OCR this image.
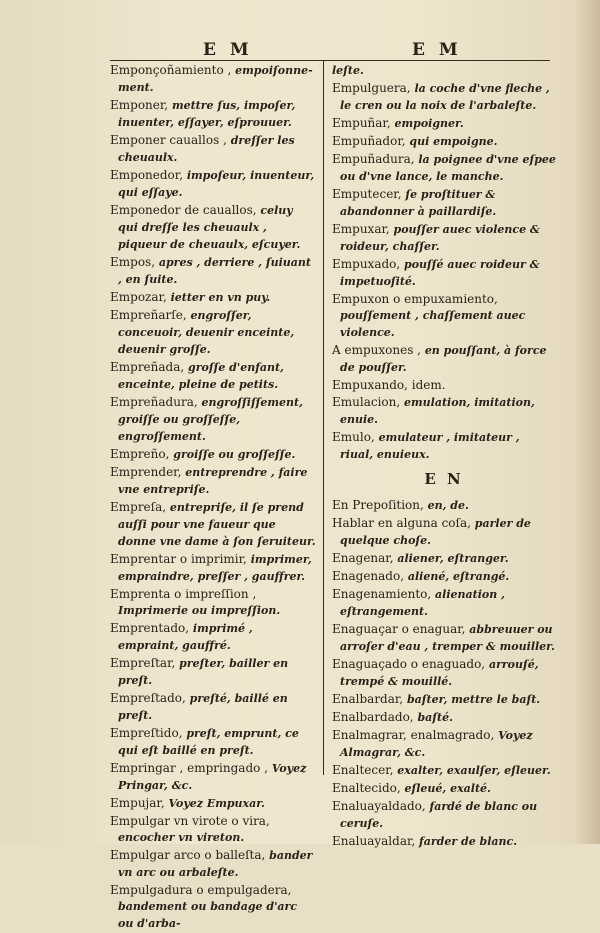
E M	E M
Emponçoñamiento , empoiſonne-ment.
Emponer, mettre ſus, impoſer, inuenter, eſſayer, eſprouuer.
Emponer cauallos , dreſſer les cheuaulx.
Emponedor, impoſeur, inuenteur, qui eſſaye.
Emponedor de cauallos, celuy qui dreſſe les cheuaulx , piqueur de cheuaulx, eſcuyer.
Empos, apres , derriere , ſuiuant , en ſuite.
Empozar, ietter en vn puy.
Empreñarſe, engroſſer, conceuoir, deuenir enceinte, deuenir groſſe.
Empreñada, groſſe d'enfant, enceinte, pleine de petits.
Empreñadura, engroſſiſſement, groiſſe ou groſſeſſe, engroſſement.
Empreño, groiſſe ou groſſeſſe.
Emprender, entreprendre , faire vne entrepriſe.
Empreſa, entrepriſe, il ſe prend auſſi pour vne faueur que donne vne dame à ſon ſeruiteur.
Emprentar o imprimir, imprimer, empraindre, preſſer , gauffrer.
Emprenta o impreſſion , Imprimerie ou impreſſion.
Emprentado, imprimé , empraint, gauffré.
Empreſtar, preſter, bailler en preſt.
Empreſtado, preſté, baillé en preſt.
Empreſtido, preſt, emprunt, ce qui eſt baillé en preſt.
Empringar , empringado , Voyez Pringar, &c.
Empujar, Voyez Empuxar.
Empulgar vn virote o vira, encocher vn vireton.
Empulgar arco o balleſta, bander vn arc ou arbaleſte.
Empulgadura o empulgadera, bandement ou bandage d'arc ou d'arba-
leſte.
Empulguera, la coche d'vne fleche , le cren ou la noix de l'arbaleſte.
Empuñar, empoigner.
Empuñador, qui empoigne.
Empuñadura, la poignee d'vne eſpee ou d'vne lance, le manche.
Emputecer, ſe proſtituer & abandonner à paillardiſe.
Empuxar, pouſſer auec violence & roideur, chaſſer.
Empuxado, pouſſé auec roideur & impetuoſité.
Empuxon o empuxamiento, pouſſement , chaſſement auec violence.
A empuxones , en pouſſant, à force de pouſſer.
Empuxando, idem.
Emulacion, emulation, imitation, enuie.
Emulo, emulateur , imitateur , riual, enuieux.
E N
En Prepoſition, en, de.
Hablar en alguna coſa, parler de quelque choſe.
Enagenar, aliener, eſtranger.
Enagenado, aliené, eſtrangé.
Enagenamiento, alienation , eſtrangement.
Enaguaçar o enaguar, abbreuuer ou arroſer d'eau , tremper & mouiller.
Enaguaçado o enaguado, arrouſé, trempé & mouillé.
Enalbardar, baſter, mettre le baſt.
Enalbardado, baſté.
Enalmagrar, enalmagrado, Voyez Almagrar, &c.
Enaltecer, exalter, exaulſer, eſleuer.
Enaltecido, eſleué, exalté.
Enaluayaldado, fardé de blanc ou ceruſe.
Enaluayaldar, farder de blanc.
